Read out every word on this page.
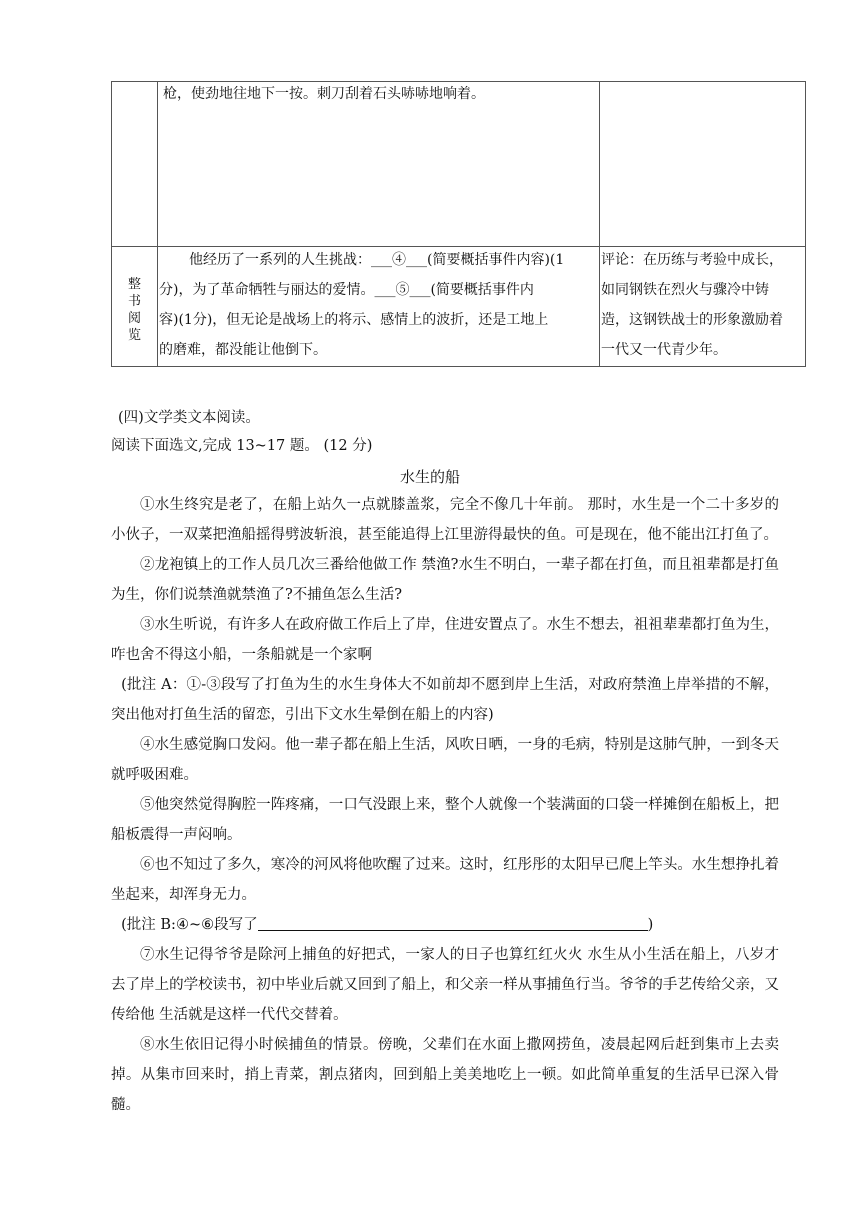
枪，使劲地往地下一按。刺刀刮着石头哧哧地响着。
整
书
阅
览
他经历了一系列的人生挑战：___④___(简要概括事件内容)(1
分)，为了革命牺牲与丽达的爱情。___⑤___(简要概括事件内
容)(1分)，但无论是战场上的将示、感情上的波折，还是工地上
的磨难，都没能让他倒下。
评论：在历练与考验中成长，
如同钢铁在烈火与骤冷中铸
造，这钢铁战士的形象激励着
一代又一代青少年。
(四)文学类文本阅读。
阅读下面选文,完成 13~17 题。 (12 分)
水生的船

①水生终究是老了，在船上站久一点就膝盖浆，完全不像几十年前。 那时，水生是一个二十多岁的小伙子，一双菜把渔船摇得劈波斩浪，甚至能追得上江里游得最快的鱼。可是现在，他不能出江打鱼了。

②龙袍镇上的工作人员几次三番给他做工作 禁渔?水生不明白，一辈子都在打鱼，而且祖辈都是打鱼为生，你们说禁渔就禁渔了?不捕鱼怎么生活?

③水生听说，有许多人在政府做工作后上了岸，住进安置点了。水生不想去，祖祖辈辈都打鱼为生，咋也舍不得这小船，一条船就是一个家啊

(批注 A：①-③段写了打鱼为生的水生身体大不如前却不愿到岸上生活，对政府禁渔上岸举措的不解，突出他对打鱼生活的留恋，引出下文水生晕倒在船上的内容)

④水生感觉胸口发闷。他一辈子都在船上生活，风吹日晒，一身的毛病，特别是这肺气肿，一到冬天就呼吸困难。

⑤他突然觉得胸腔一阵疼痛，一口气没跟上来，整个人就像一个装满面的口袋一样摊倒在船板上，把船板震得一声闷响。

⑥也不知过了多久，寒冷的河风将他吹醒了过来。这时，红彤彤的太阳早已爬上竿头。水生想挣扎着坐起来，却浑身无力。

(批注 B:④~⑥段写了	)

⑦水生记得爷爷是除河上捕鱼的好把式，一家人的日子也算红红火火 水生从小生活在船上，八岁才去了岸上的学校读书，初中毕业后就又回到了船上，和父亲一样从事捕鱼行当。爷爷的手艺传给父亲，又传给他 生活就是这样一代代交替着。

⑧水生依旧记得小时候捕鱼的情景。傍晚，父辈们在水面上撒网捞鱼，凌晨起网后赶到集市上去卖掉。从集市回来时，捎上青菜，割点猪肉，回到船上美美地吃上一顿。如此简单重复的生活早已深入骨髓。
